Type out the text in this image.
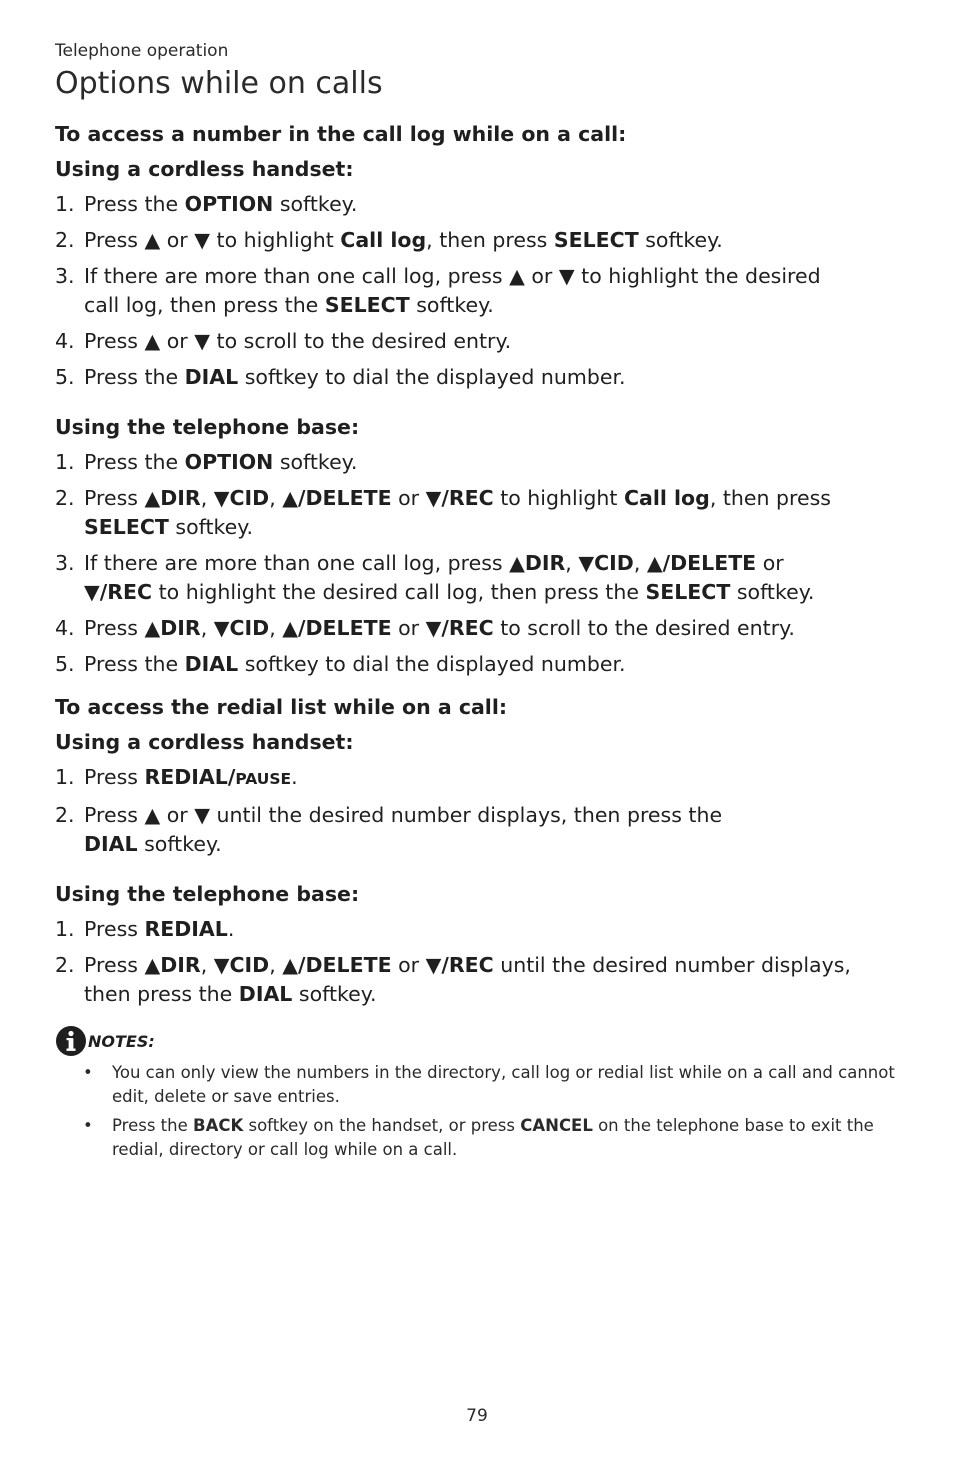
Telephone operation
Options while on calls
To access a number in the call log while on a call:
Using a cordless handset:
1. Press the OPTION softkey.
2. Press ▲ or ▼ to highlight Call log, then press SELECT softkey.
3. If there are more than one call log, press ▲ or ▼ to highlight the desired
call log, then press the SELECT softkey.
4. Press ▲ or ▼ to scroll to the desired entry.
5. Press the DIAL softkey to dial the displayed number.
Using the telephone base:
1. Press the OPTION softkey.
2. Press ▲DIR, ▼CID, ▲/DELETE or ▼/REC to highlight Call log, then press
SELECT softkey.
3. If there are more than one call log, press ▲DIR, ▼CID, ▲/DELETE or
▼/REC to highlight the desired call log, then press the SELECT softkey.
4. Press ▲DIR, ▼CID, ▲/DELETE or ▼/REC to scroll to the desired entry.
5. Press the DIAL softkey to dial the displayed number.
To access the redial list while on a call:
Using a cordless handset:
1. Press REDIAL/PAUSE.
2. Press ▲ or ▼ until the desired number displays, then press the
DIAL softkey.
Using the telephone base:
1. Press REDIAL.
2. Press ▲DIR, ▼CID, ▲/DELETE or ▼/REC until the desired number displays,
then press the DIAL softkey.
NOTES:
• You can only view the numbers in the directory, call log or redial list while on a call and cannot edit, delete or save entries.
• Press the BACK softkey on the handset, or press CANCEL on the telephone base to exit the redial, directory or call log while on a call.
79
